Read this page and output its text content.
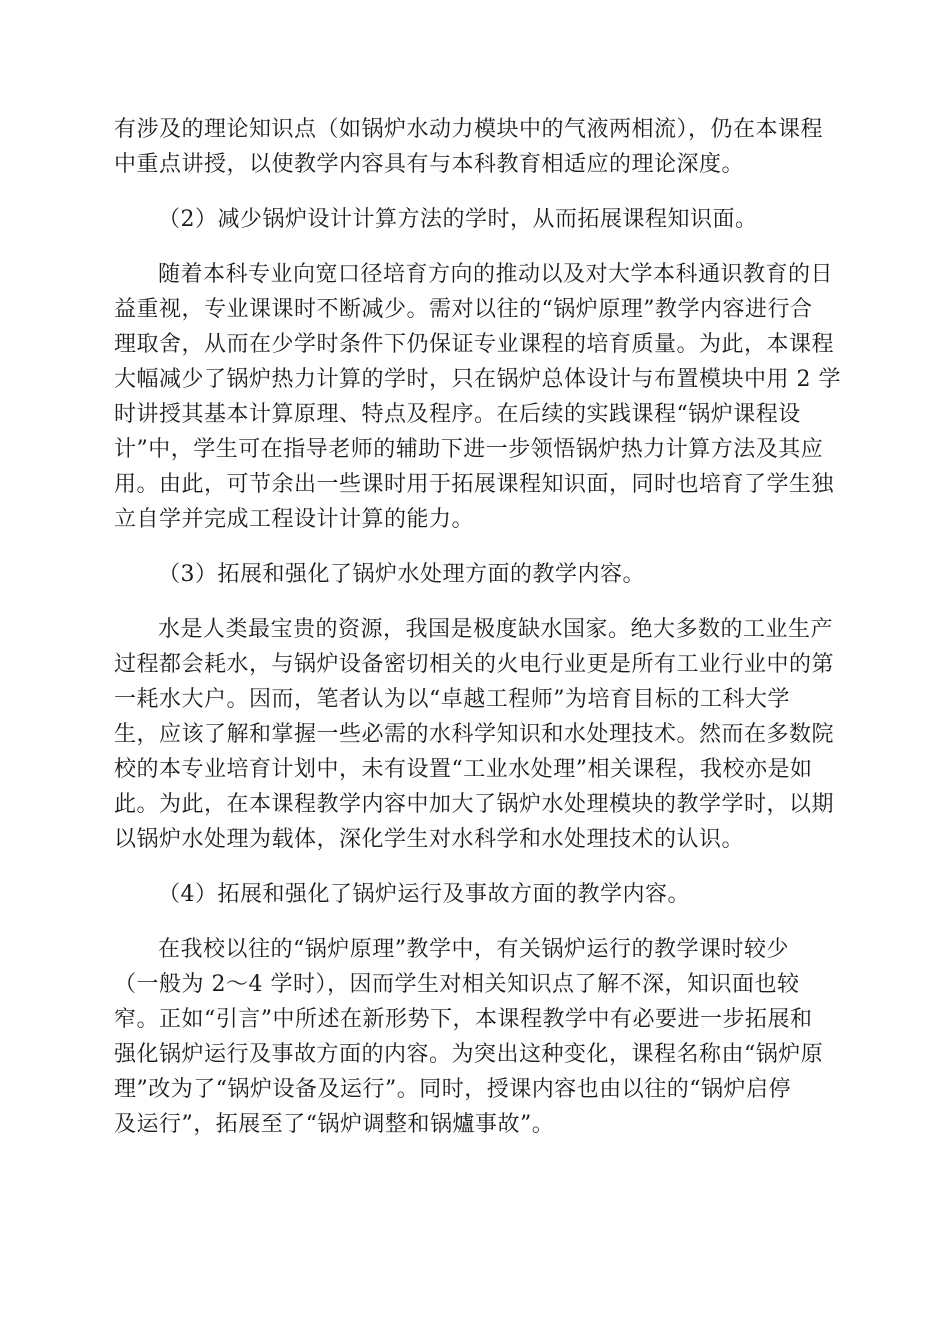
有涉及的理论知识点（如锅炉水动力模块中的气液两相流），仍在本课程
中重点讲授，以使教学内容具有与本科教育相适应的理论深度。
（2）减少锅炉设计计算方法的学时，从而拓展课程知识面。
随着本科专业向宽口径培育方向的推动以及对大学本科通识教育的日
益重视，专业课课时不断减少。需对以往的“锅炉原理”教学内容进行合
理取舍，从而在少学时条件下仍保证专业课程的培育质量。为此，本课程
大幅减少了锅炉热力计算的学时，只在锅炉总体设计与布置模块中用 2 学
时讲授其基本计算原理、特点及程序。在后续的实践课程“锅炉课程设
计”中，学生可在指导老师的辅助下进一步领悟锅炉热力计算方法及其应
用。由此，可节余出一些课时用于拓展课程知识面，同时也培育了学生独
立自学并完成工程设计计算的能力。
（3）拓展和强化了锅炉水处理方面的教学内容。
水是人类最宝贵的资源，我国是极度缺水国家。绝大多数的工业生产
过程都会耗水，与锅炉设备密切相关的火电行业更是所有工业行业中的第
一耗水大户。因而，笔者认为以“卓越工程师”为培育目标的工科大学
生，应该了解和掌握一些必需的水科学知识和水处理技术。然而在多数院
校的本专业培育计划中，未有设置“工业水处理”相关课程，我校亦是如
此。为此，在本课程教学内容中加大了锅炉水处理模块的教学学时，以期
以锅炉水处理为载体，深化学生对水科学和水处理技术的认识。
（4）拓展和强化了锅炉运行及事故方面的教学内容。
在我校以往的“锅炉原理”教学中，有关锅炉运行的教学课时较少
（一般为 2～4 学时），因而学生对相关知识点了解不深，知识面也较
窄。正如“引言”中所述在新形势下，本课程教学中有必要进一步拓展和
强化锅炉运行及事故方面的内容。为突出这种变化，课程名称由“锅炉原
理”改为了“锅炉设备及运行”。同时，授课内容也由以往的“锅炉启停
及运行”，拓展至了“锅炉调整和锅爐事故”。
